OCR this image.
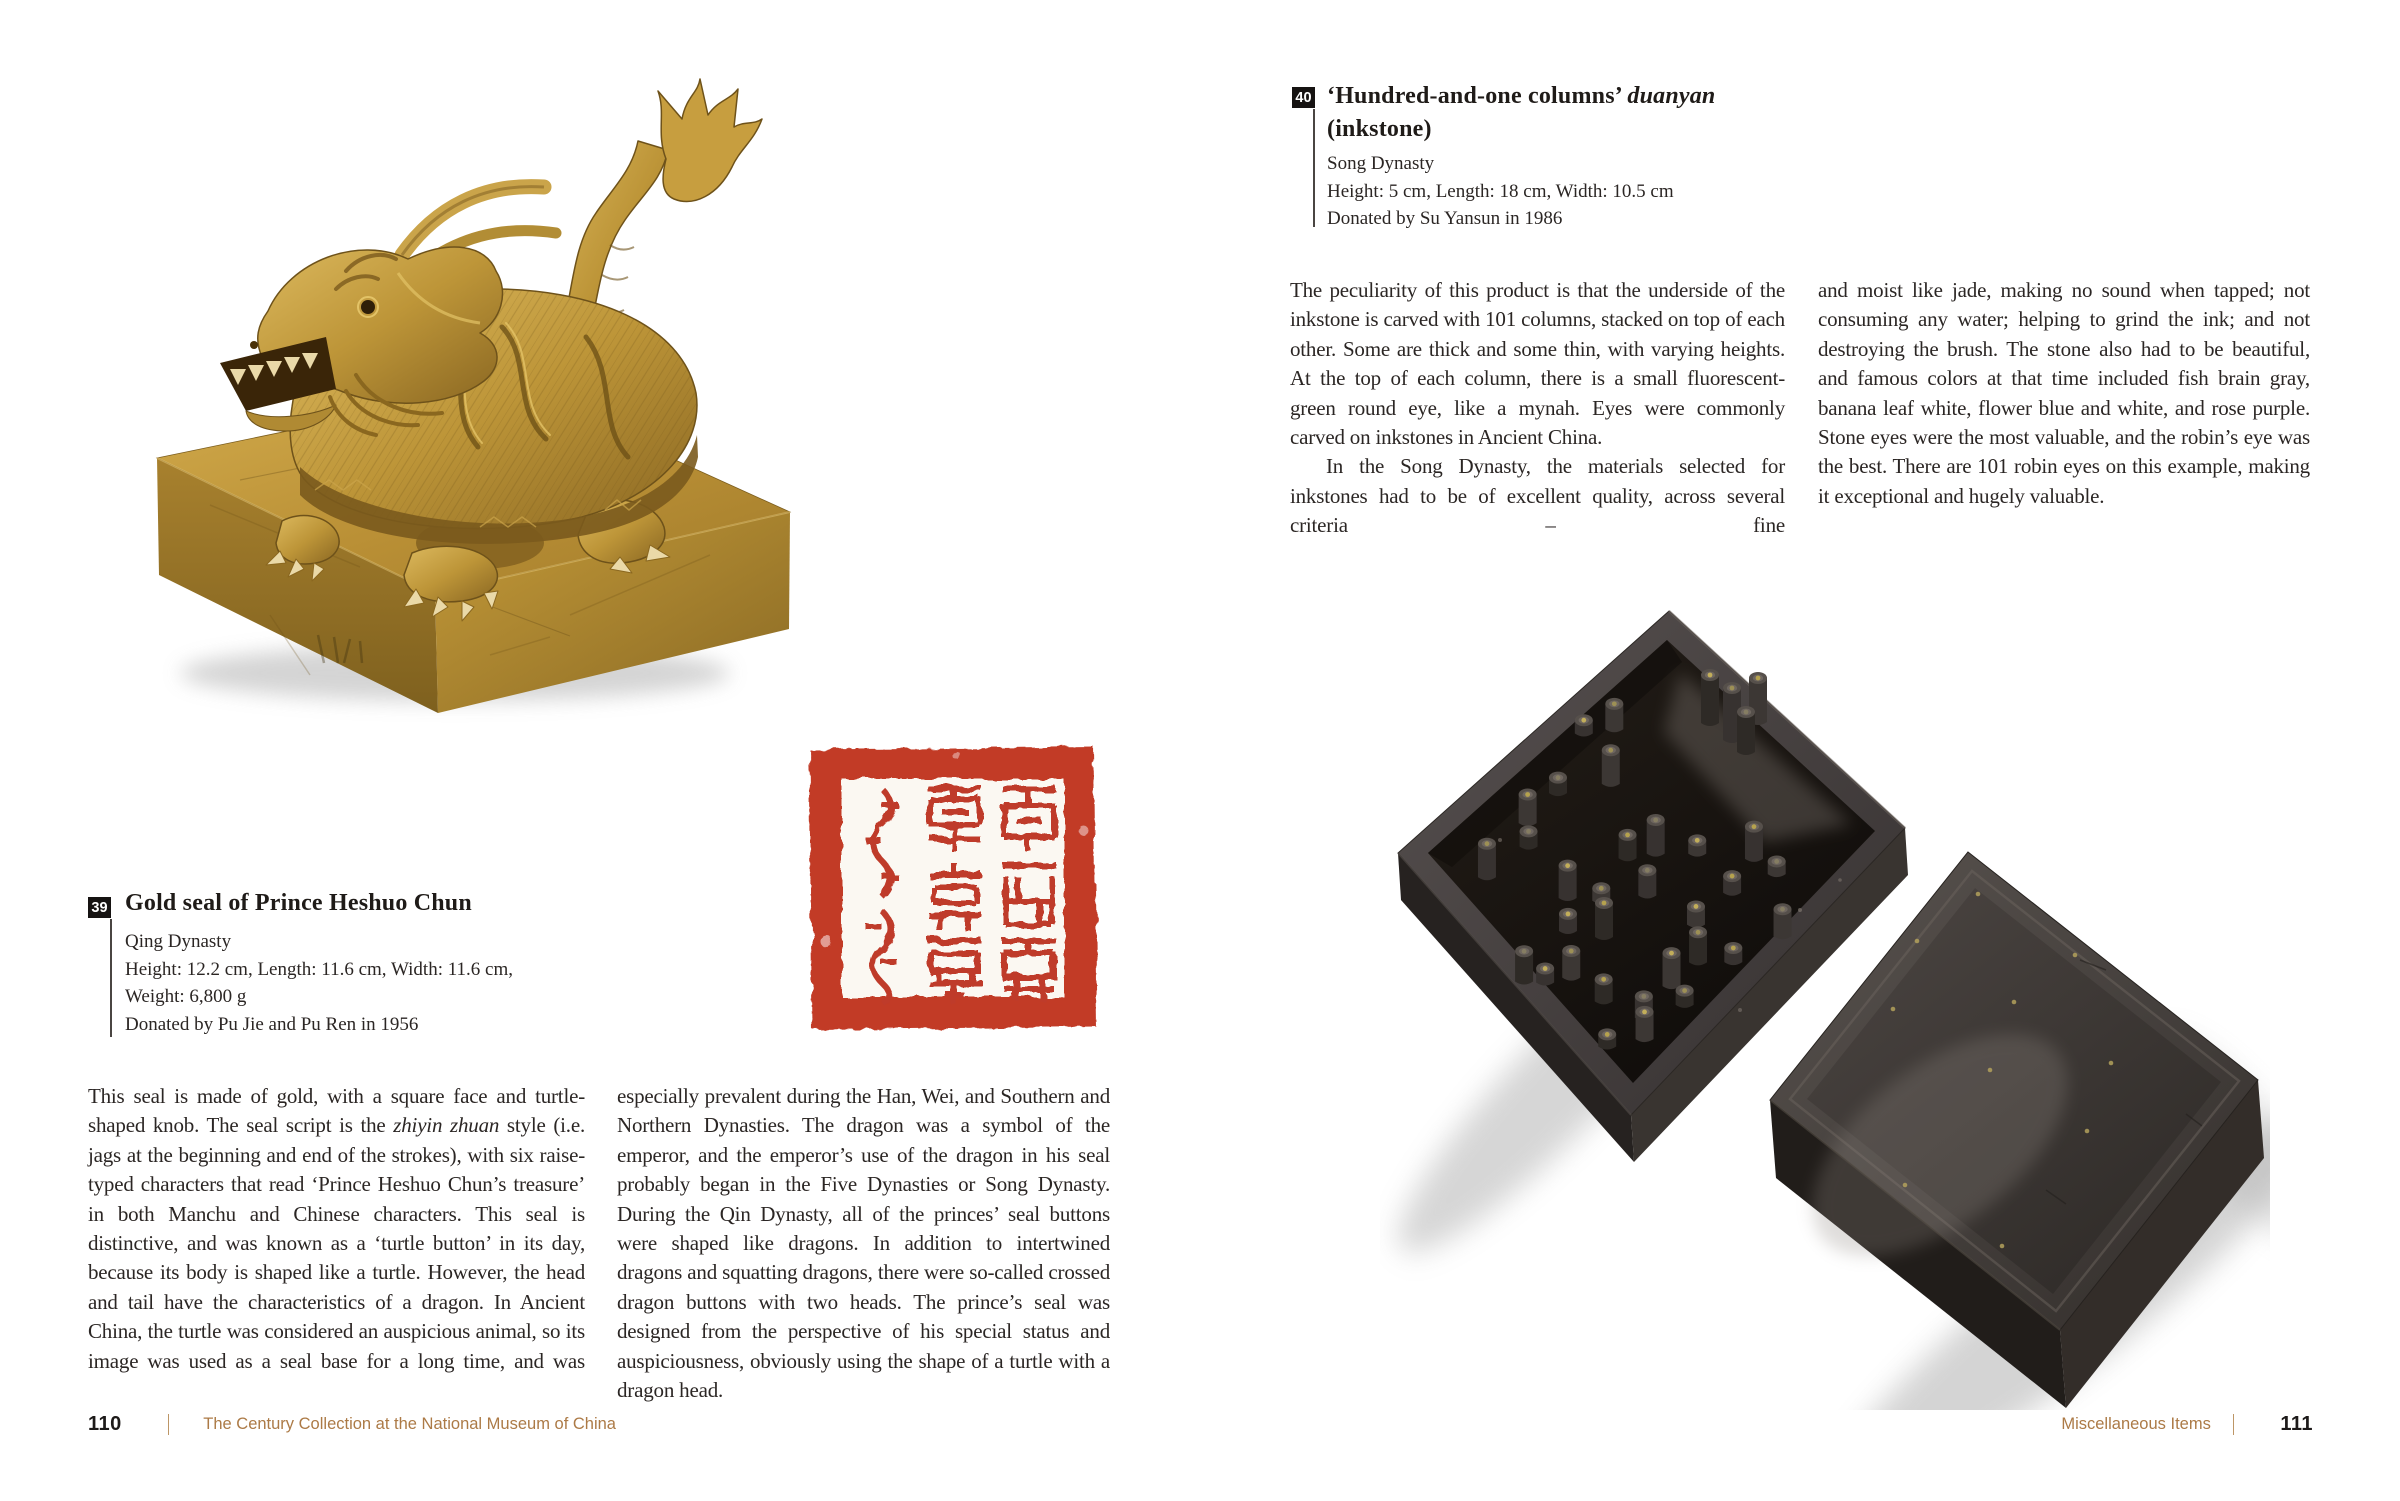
39 Gold seal of Prince Heshuo Chun
Qing Dynasty
Height: 12.2 cm, Length: 11.6 cm, Width: 11.6 cm,
Weight: 6,800 g
Donated by Pu Jie and Pu Ren in 1956
This seal is made of gold, with a square face and turtle-shaped knob. The seal script is the zhiyin zhuan style (i.e. jags at the beginning and end of the strokes), with six raise-typed characters that read ‘Prince Heshuo Chun’s treasure’ in both Manchu and Chinese characters. This seal is distinctive, and was known as a ‘turtle button’ in its day, because its body is shaped like a turtle. However, the head and tail have the characteristics of a dragon. In Ancient China, the turtle was considered an auspicious animal, so its image was used as a seal base for a long time, and was
especially prevalent during the Han, Wei, and Southern and Northern Dynasties. The dragon was a symbol of the emperor, and the emperor’s use of the dragon in his seal probably began in the Five Dynasties or Song Dynasty. During the Qin Dynasty, all of the princes’ seal buttons were shaped like dragons. In addition to intertwined dragons and squatting dragons, there were so-called crossed dragon buttons with two heads. The prince’s seal was designed from the perspective of his special status and auspiciousness, obviously using the shape of a turtle with a dragon head.
110	The Century Collection at the National Museum of China
40 ‘Hundred-and-one columns’ duanyan
(inkstone)
Song Dynasty
Height: 5 cm, Length: 18 cm, Width: 10.5 cm
Donated by Su Yansun in 1986

The peculiarity of this product is that the underside of the inkstone is carved with 101 columns, stacked on top of each other. Some are thick and some thin, with varying heights. At the top of each column, there is a small fluorescent-green round eye, like a mynah. Eyes were commonly carved on inkstones in Ancient China.

In the Song Dynasty, the materials selected for inkstones had to be of excellent quality, across several criteria – fine

and moist like jade, making no sound when tapped; not consuming any water; helping to grind the ink; and not destroying the brush. The stone also had to be beautiful, and famous colors at that time included fish brain gray, banana leaf white, flower blue and white, and rose purple. Stone eyes were the most valuable, and the robin’s eye was the best. There are 101 robin eyes on this example, making it exceptional and hugely valuable.
Miscellaneous Items	111
